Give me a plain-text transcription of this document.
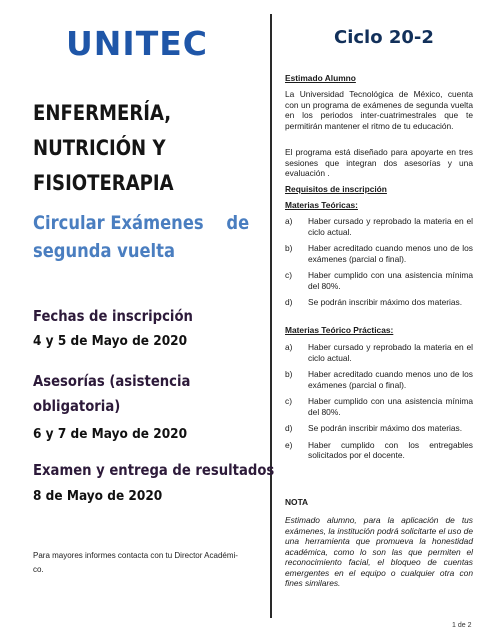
UNITEC	Ciclo 20-2
ENFERMERÍA,
NUTRICIÓN Y
FISIOTERAPIA
Circular Exámenes    de
segunda vuelta
Fechas de inscripción
4 y 5 de Mayo de 2020
Asesorías (asistencia
obligatoria)
6 y 7 de Mayo de 2020
Examen y entrega de resultados
8 de Mayo de 2020
Para mayores informes contacta con tu Director Académi-
co.
Estimado Alumno
La Universidad Tecnológica de México, cuenta con un programa de exámenes de segunda vuelta en los periodos inter-cuatrimestrales que te permitirán mantener el ritmo de tu educación.
El programa está diseñado para apoyarte en tres sesiones que integran dos asesorías y una evaluación .
Requisitos de inscripción
Materias Teóricas:
a) Haber cursado y reprobado la materia en el ciclo actual.
b) Haber acreditado cuando menos uno de los exámenes (parcial o final).
c) Haber cumplido con una asistencia mínima del 80%.
d) Se podrán inscribir máximo dos materias.
Materias Teórico Prácticas:
a) Haber cursado y reprobado la materia en el ciclo actual.
b) Haber acreditado cuando menos uno de los exámenes (parcial o final).
c) Haber cumplido con una asistencia mínima del 80%.
d) Se podrán inscribir máximo dos materias.
e) Haber cumplido con los entregables solicitados por el docente.
NOTA
Estimado alumno, para la aplicación de tus exámenes, la institución podrá solicitarte el uso de una herramienta que promueva la honestidad académica, como lo son las que permiten el reconocimiento facial, el bloqueo de cuentas emergentes en el equipo o cualquier otra con fines similares.
1 de 2
